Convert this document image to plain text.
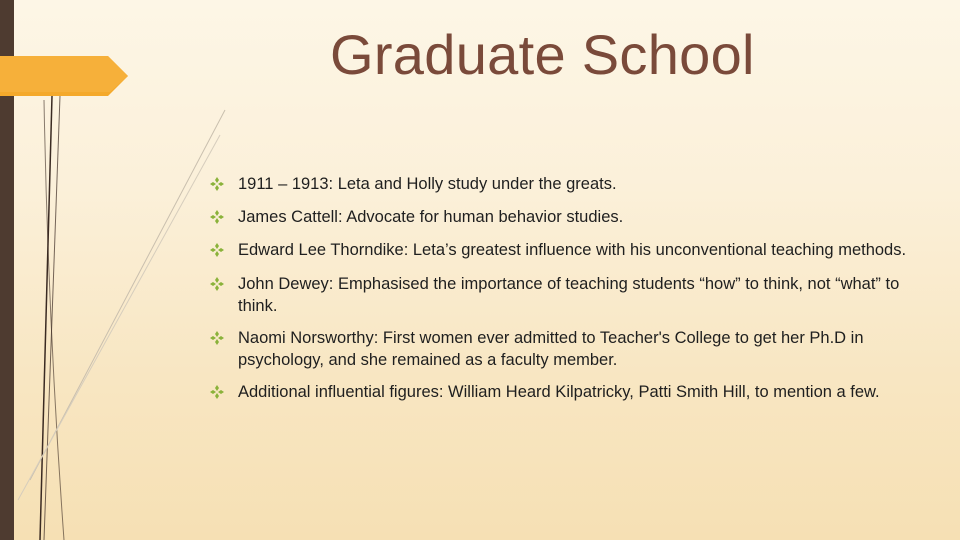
Graduate School
1911 – 1913: Leta and Holly study under the greats.
James Cattell: Advocate for human behavior studies.
Edward Lee Thorndike: Leta’s greatest influence with his unconventional teaching methods.
John Dewey: Emphasised the importance of teaching students “how” to think, not “what” to think.
Naomi Norsworthy: First women ever admitted to Teacher's College to get her Ph.D in psychology, and she remained as a faculty member.
Additional influential figures: William Heard Kilpatricky, Patti Smith Hill, to mention a few.
